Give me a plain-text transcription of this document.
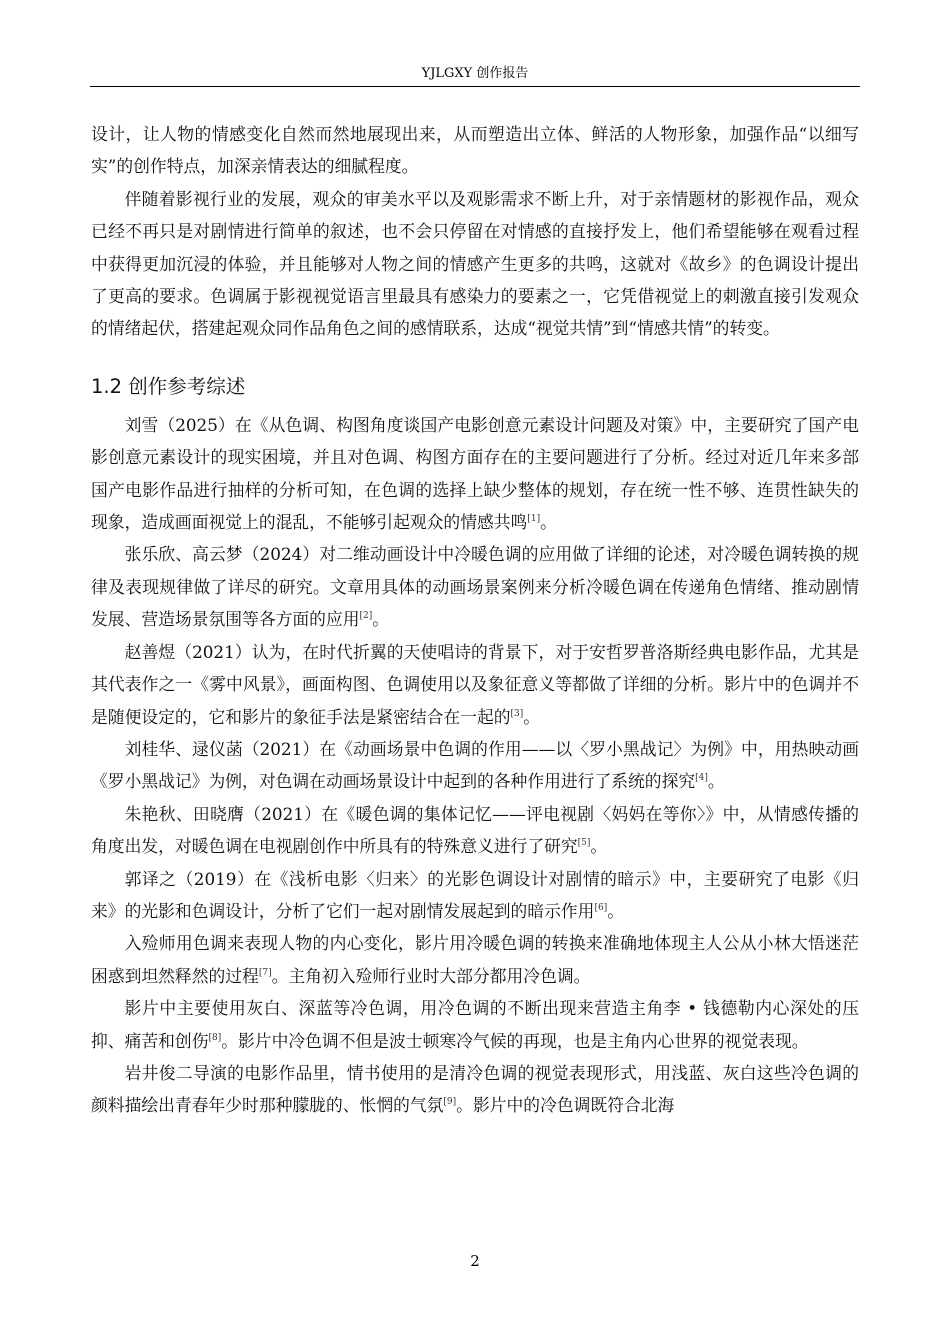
YJLGXY 创作报告

设计，让人物的情感变化自然而然地展现出来，从而塑造出立体、鲜活的人物形象，加强作品“以细写实”的创作特点，加深亲情表达的细腻程度。

伴随着影视行业的发展，观众的审美水平以及观影需求不断上升，对于亲情题材的影视作品，观众已经不再只是对剧情进行简单的叙述，也不会只停留在对情感的直接抒发上，他们希望能够在观看过程中获得更加沉浸的体验，并且能够对人物之间的情感产生更多的共鸣，这就对《故乡》的色调设计提出了更高的要求。色调属于影视视觉语言里最具有感染力的要素之一，它凭借视觉上的刺激直接引发观众的情绪起伏，搭建起观众同作品角色之间的感情联系，达成“视觉共情”到“情感共情”的转变。

1.2 创作参考综述

刘雪（2025）在《从色调、构图角度谈国产电影创意元素设计问题及对策》中，主要研究了国产电影创意元素设计的现实困境，并且对色调、构图方面存在的主要问题进行了分析。经过对近几年来多部国产电影作品进行抽样的分析可知，在色调的选择上缺少整体的规划，存在统一性不够、连贯性缺失的现象，造成画面视觉上的混乱，不能够引起观众的情感共鸣[1]。

张乐欣、高云梦（2024）对二维动画设计中冷暖色调的应用做了详细的论述，对冷暖色调转换的规律及表现规律做了详尽的研究。文章用具体的动画场景案例来分析冷暖色调在传递角色情绪、推动剧情发展、营造场景氛围等各方面的应用[2]。

赵善煜（2021）认为，在时代折翼的天使唱诗的背景下，对于安哲罗普洛斯经典电影作品，尤其是其代表作之一《雾中风景》，画面构图、色调使用以及象征意义等都做了详细的分析。影片中的色调并不是随便设定的，它和影片的象征手法是紧密结合在一起的[3]。

刘桂华、逯仪菡（2021）在《动画场景中色调的作用——以〈罗小黑战记〉为例》中，用热映动画《罗小黑战记》为例，对色调在动画场景设计中起到的各种作用进行了系统的探究[4]。

朱艳秋、田晓膺（2021）在《暖色调的集体记忆——评电视剧〈妈妈在等你〉》中，从情感传播的角度出发，对暖色调在电视剧创作中所具有的特殊意义进行了研究[5]。

郭译之（2019）在《浅析电影〈归来〉的光影色调设计对剧情的暗示》中，主要研究了电影《归来》的光影和色调设计，分析了它们一起对剧情发展起到的暗示作用[6]。

入殓师用色调来表现人物的内心变化，影片用冷暖色调的转换来准确地体现主人公从小林大悟迷茫困惑到坦然释然的过程[7]。主角初入殓师行业时大部分都用冷色调。

影片中主要使用灰白、深蓝等冷色调，用冷色调的不断出现来营造主角李 • 钱德勒内心深处的压抑、痛苦和创伤[8]。影片中冷色调不但是波士顿寒冷气候的再现，也是主角内心世界的视觉表现。

岩井俊二导演的电影作品里，情书使用的是清冷色调的视觉表现形式，用浅蓝、灰白这些冷色调的颜料描绘出青春年少时那种朦胧的、怅惘的气氛[9]。影片中的冷色调既符合北海

2
